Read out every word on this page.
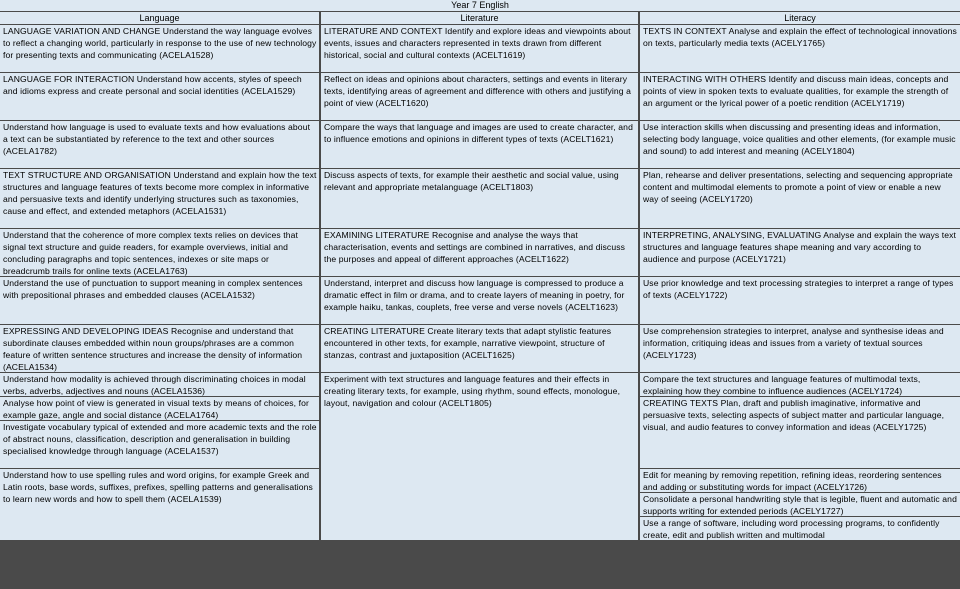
Year 7 English
Language
LANGUAGE VARIATION AND CHANGE Understand the way language evolves to reflect a changing world, particularly in response to the use of new technology for presenting texts and communicating (ACELA1528)
LANGUAGE FOR INTERACTION Understand how accents, styles of speech and idioms express and create personal and social identities (ACELA1529)
Understand how language is used to evaluate texts and how evaluations about a text can be substantiated by reference to the text and other sources (ACELA1782)
TEXT STRUCTURE AND ORGANISATION Understand and explain how the text structures and language features of texts become more complex in informative and persuasive texts and identify underlying structures such as taxonomies, cause and effect, and extended metaphors (ACELA1531)
Understand that the coherence of more complex texts relies on devices that signal text structure and guide readers, for example overviews, initial and concluding paragraphs and topic sentences, indexes or site maps or breadcrumb trails for online texts (ACELA1763)
Understand the use of punctuation to support meaning in complex sentences with prepositional phrases and embedded clauses (ACELA1532)
EXPRESSING AND DEVELOPING IDEAS Recognise and understand that subordinate clauses embedded within noun groups/phrases are a common feature of written sentence structures and increase the density of information (ACELA1534)
Understand how modality is achieved through discriminating choices in modal verbs, adverbs, adjectives and nouns (ACELA1536)
Analyse how point of view is generated in visual texts by means of choices, for example gaze, angle and social distance (ACELA1764)
Investigate vocabulary typical of extended and more academic texts and the role of abstract nouns, classification, description and generalisation in building specialised knowledge through language (ACELA1537)
Understand how to use spelling rules and word origins, for example Greek and Latin roots, base words, suffixes, prefixes, spelling patterns and generalisations to learn new words and how to spell them (ACELA1539)
Literature
LITERATURE AND CONTEXT Identify and explore ideas and viewpoints about events, issues and characters represented in texts drawn from different historical, social and cultural contexts (ACELT1619)
Reflect on ideas and opinions about characters, settings and events in literary texts, identifying areas of agreement and difference with others and justifying a point of view (ACELT1620)
Compare the ways that language and images are used to create character, and to influence emotions and opinions in different types of texts (ACELT1621)
Discuss aspects of texts, for example their aesthetic and social value, using relevant and appropriate metalanguage (ACELT1803)
EXAMINING LITERATURE Recognise and analyse the ways that characterisation, events and settings are combined in narratives, and discuss the purposes and appeal of different approaches (ACELT1622)
Understand, interpret and discuss how language is compressed to produce a dramatic effect in film or drama, and to create layers of meaning in poetry, for example haiku, tankas, couplets, free verse and verse novels (ACELT1623)
CREATING LITERATURE Create literary texts that adapt stylistic features encountered in other texts, for example, narrative viewpoint, structure of stanzas, contrast and juxtaposition (ACELT1625)
Experiment with text structures and language features and their effects in creating literary texts, for example, using rhythm, sound effects, monologue, layout, navigation and colour (ACELT1805)
Literacy
TEXTS IN CONTEXT Analyse and explain the effect of technological innovations on texts, particularly media texts (ACELY1765)
INTERACTING WITH OTHERS Identify and discuss main ideas, concepts and points of view in spoken texts to evaluate qualities, for example the strength of an argument or the lyrical power of a poetic rendition (ACELY1719)
Use interaction skills when discussing and presenting ideas and information, selecting body language, voice qualities and other elements, (for example music and sound) to add interest and meaning (ACELY1804)
Plan, rehearse and deliver presentations, selecting and sequencing appropriate content and multimodal elements to promote a point of view or enable a new way of seeing (ACELY1720)
INTERPRETING, ANALYSING, EVALUATING Analyse and explain the ways text structures and language features shape meaning and vary according to audience and purpose (ACELY1721)
Use prior knowledge and text processing strategies to interpret a range of types of texts (ACELY1722)
Use comprehension strategies to interpret, analyse and synthesise ideas and information, critiquing ideas and issues from a variety of textual sources (ACELY1723)
Compare the text structures and language features of multimodal texts, explaining how they combine to influence audiences (ACELY1724)
CREATING TEXTS Plan, draft and publish imaginative, informative and persuasive texts, selecting aspects of subject matter and particular language, visual, and audio features to convey information and ideas (ACELY1725)
Edit for meaning by removing repetition, refining ideas, reordering sentences and adding or substituting words for impact (ACELY1726)
Consolidate a personal handwriting style that is legible, fluent and automatic and supports writing for extended periods (ACELY1727)
Use a range of software, including word processing programs, to confidently create, edit and publish written and multimodal
